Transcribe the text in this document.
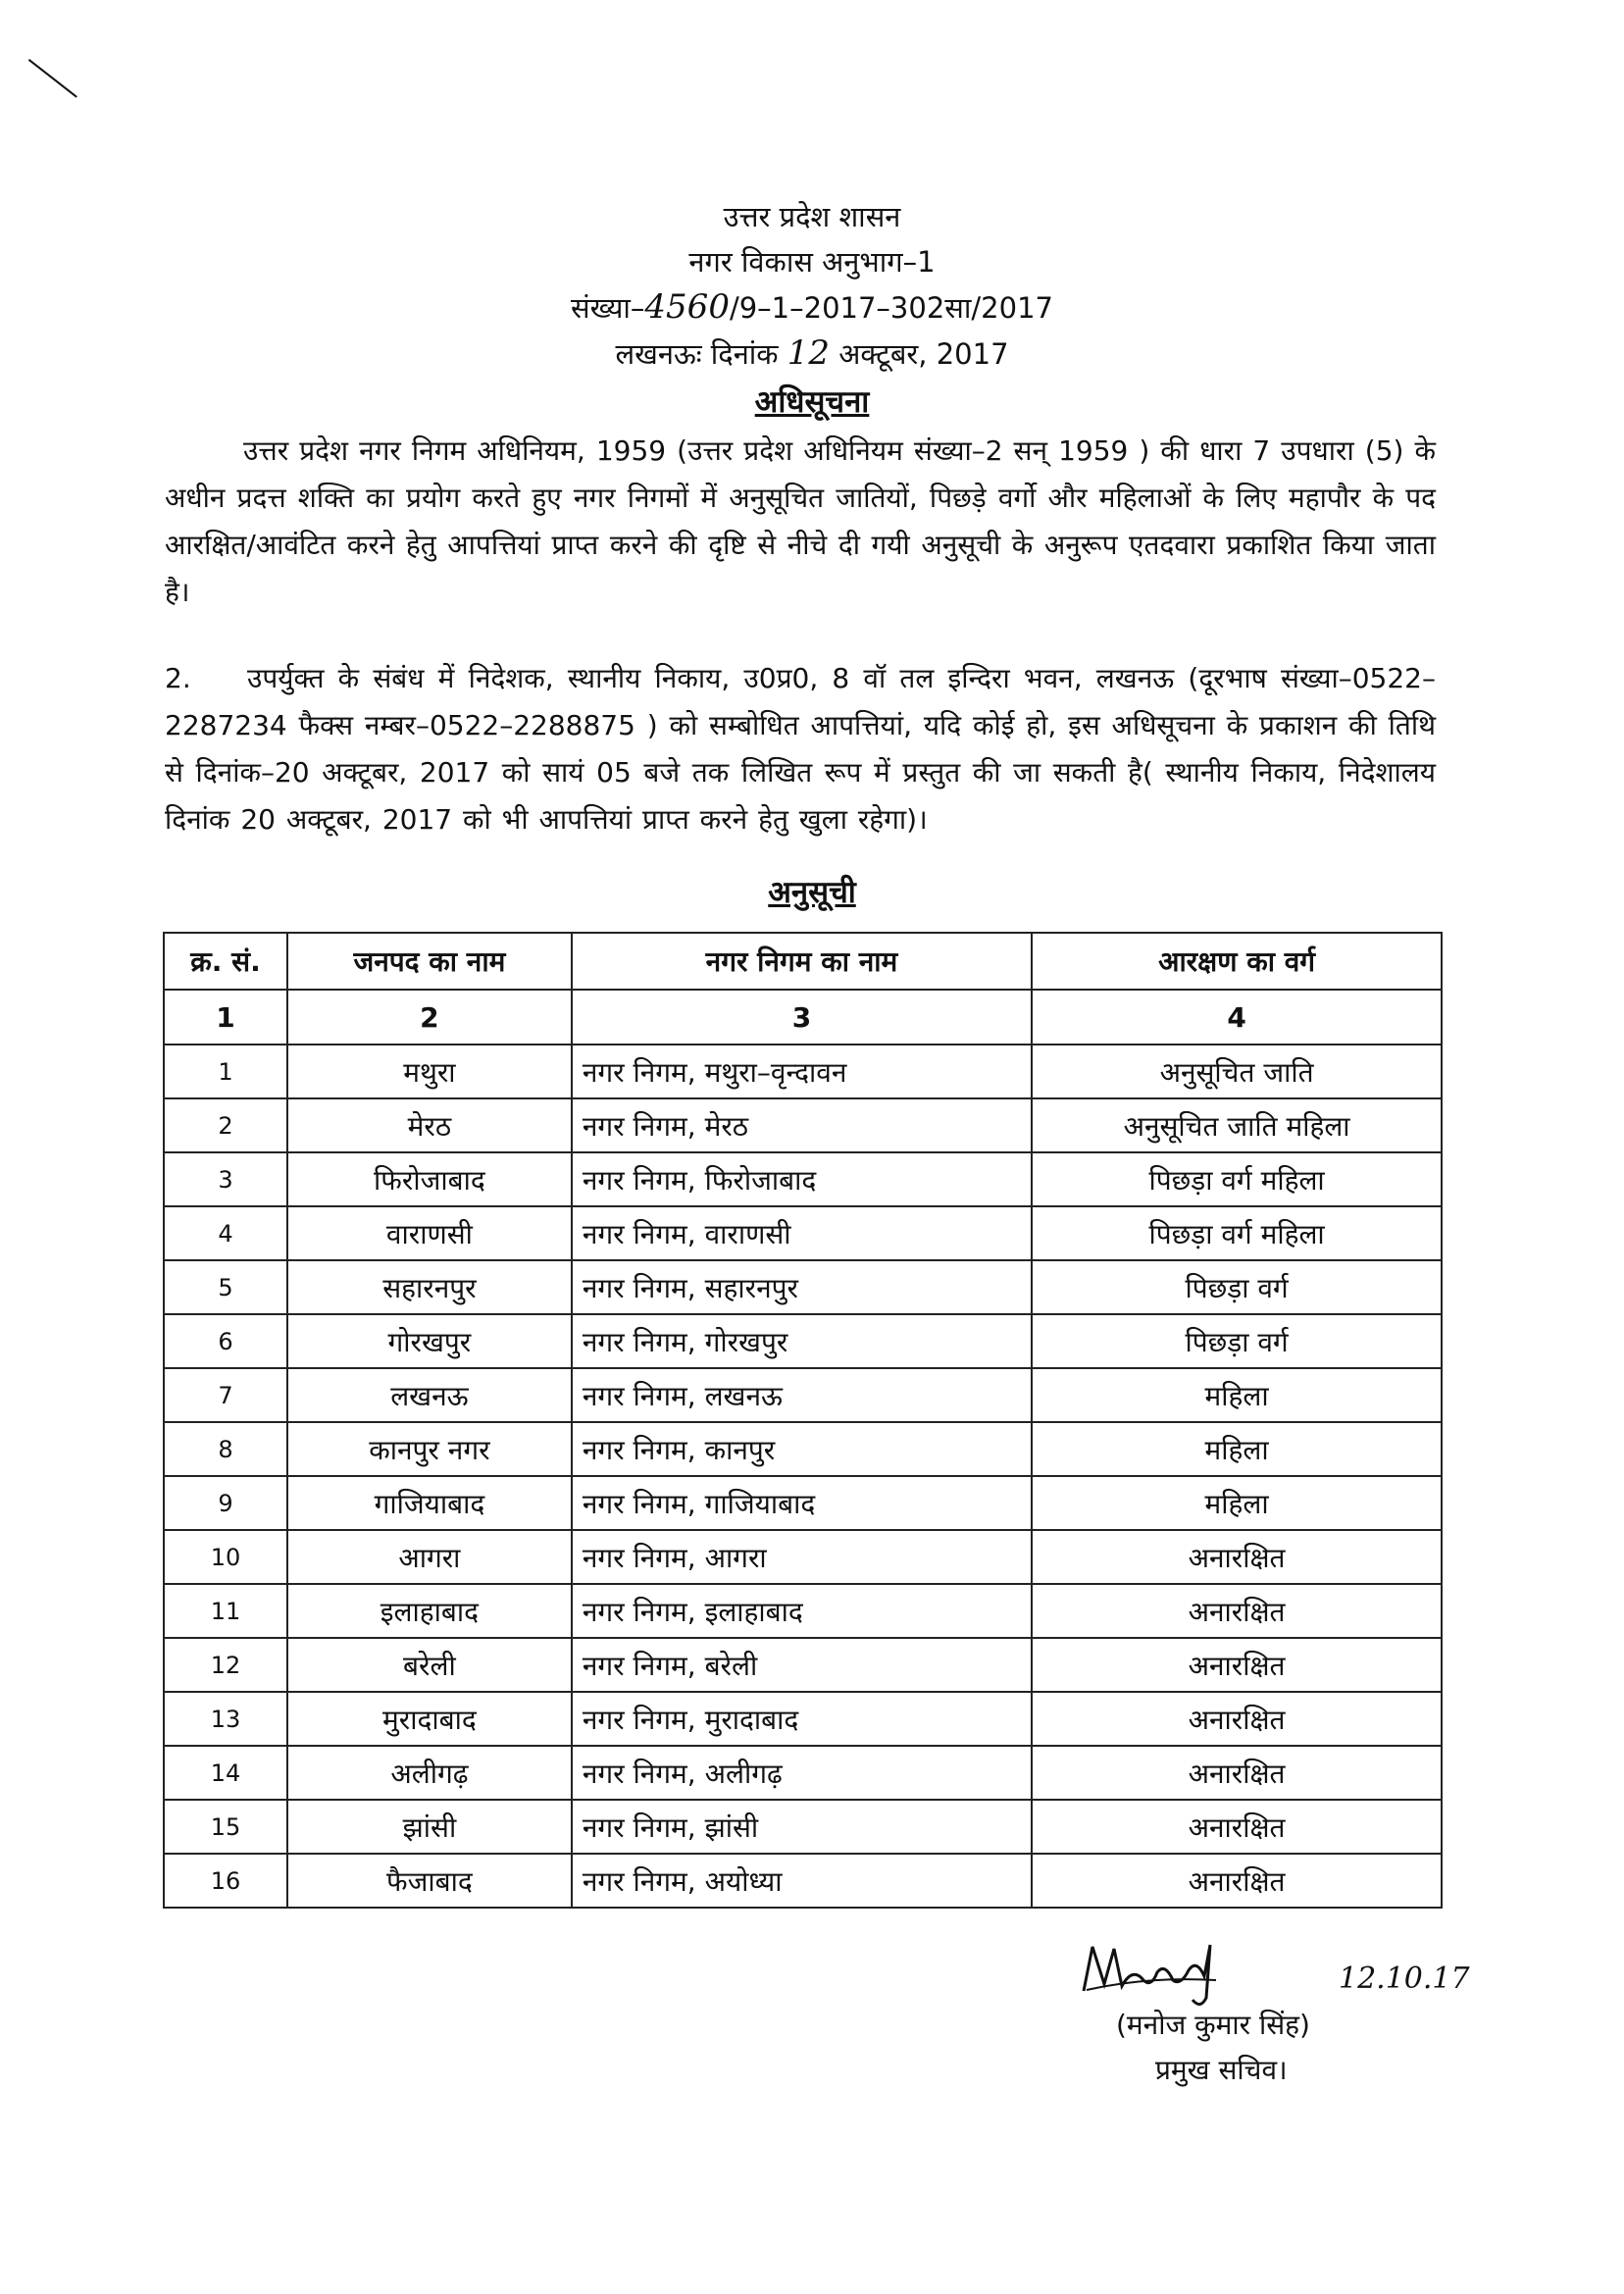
उत्तर प्रदेश शासन
नगर विकास अनुभाग–1
संख्या–4560/9–1–2017–302सा/2017
लखनऊः दिनांक 12 अक्टूबर, 2017
अधिसूचना
उत्तर प्रदेश नगर निगम अधिनियम, 1959 (उत्तर प्रदेश अधिनियम संख्या–2 सन् 1959 ) की धारा 7 उपधारा (5) के अधीन प्रदत्त शक्ति का प्रयोग करते हुए नगर निगमों में अनुसूचित जातियों, पिछड़े वर्गो और महिलाओं के लिए महापौर के पद आरक्षित/आवंटित करने हेतु आपत्तियां प्राप्त करने की दृष्टि से नीचे दी गयी अनुसूची के अनुरूप एतदवारा प्रकाशित किया जाता है।
2. उपर्युक्त के संबंध में निदेशक, स्थानीय निकाय, उ0प्र0, 8 वॉ तल इन्दिरा भवन, लखनऊ (दूरभाष संख्या–0522–2287234 फैक्स नम्बर–0522–2288875 ) को सम्बोधित आपत्तियां, यदि कोई हो, इस अधिसूचना के प्रकाशन की तिथि से दिनांक–20 अक्टूबर, 2017 को सायं 05 बजे तक लिखित रूप में प्रस्तुत की जा सकती है( स्थानीय निकाय, निदेशालय दिनांक 20 अक्टूबर, 2017 को भी आपत्तियां प्राप्त करने हेतु खुला रहेगा)।
अनुसूची
क्र. सं.	जनपद का नाम	नगर निगम का नाम	आरक्षण का वर्ग
1	2	3	4
1	मथुरा	नगर निगम, मथुरा–वृन्दावन	अनुसूचित जाति
2	मेरठ	नगर निगम, मेरठ	अनुसूचित जाति महिला
3	फिरोजाबाद	नगर निगम, फिरोजाबाद	पिछड़ा वर्ग महिला
4	वाराणसी	नगर निगम, वाराणसी	पिछड़ा वर्ग महिला
5	सहारनपुर	नगर निगम, सहारनपुर	पिछड़ा वर्ग
6	गोरखपुर	नगर निगम, गोरखपुर	पिछड़ा वर्ग
7	लखनऊ	नगर निगम, लखनऊ	महिला
8	कानपुर नगर	नगर निगम, कानपुर	महिला
9	गाजियाबाद	नगर निगम, गाजियाबाद	महिला
10	आगरा	नगर निगम, आगरा	अनारक्षित
11	इलाहाबाद	नगर निगम, इलाहाबाद	अनारक्षित
12	बरेली	नगर निगम, बरेली	अनारक्षित
13	मुरादाबाद	नगर निगम, मुरादाबाद	अनारक्षित
14	अलीगढ़	नगर निगम, अलीगढ़	अनारक्षित
15	झांसी	नगर निगम, झांसी	अनारक्षित
16	फैजाबाद	नगर निगम, अयोध्या	अनारक्षित
12.10.17
(मनोज कुमार सिंह)
प्रमुख सचिव।
